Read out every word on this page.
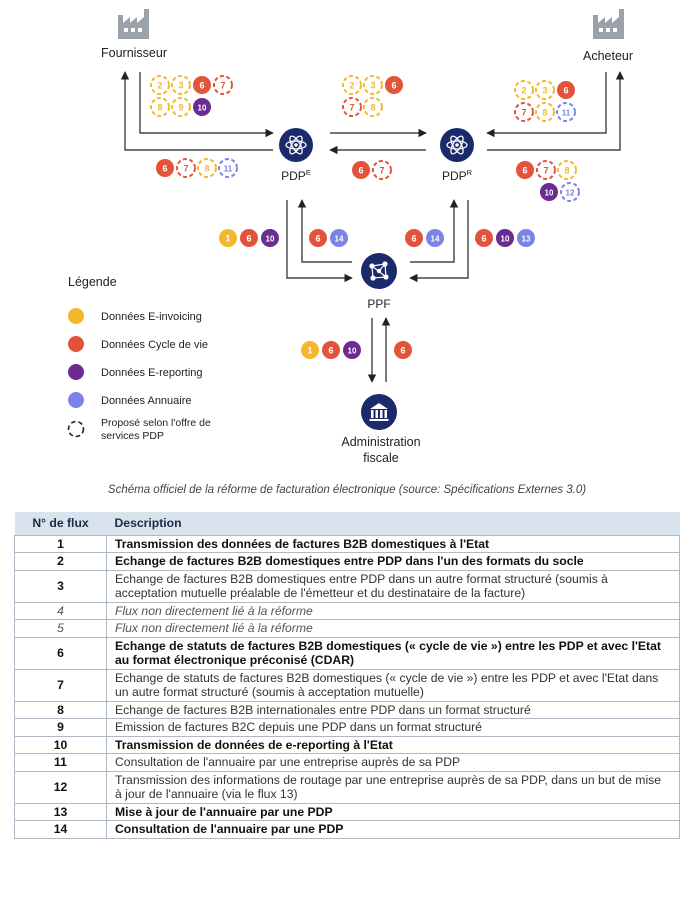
Fournisseur	Acheteur
$PDP^E$	$PDP^R$
PPF
Administration
fiscale
2 3 6 7
8 9 10
6 7 8 11
2 3 6
7 8
6 7
2 3 6
7 8 11
6 7 8
10 12
1 6 10	6 14	6 14	6 10 13
1 6 10	6
Légende
Données E-invoicing
Données Cycle de vie
Données E-reporting
Données Annuaire
Proposé selon l'offre de
services PDP
Schéma officiel de la réforme de facturation électronique (source: Spécifications Externes 3.0)
N° de flux	Description
1	Transmission des données de factures B2B domestiques à l'Etat
2	Echange de factures B2B domestiques entre PDP dans l'un des formats du socle
3	Echange de factures B2B domestiques entre PDP dans un autre format structuré (soumis à acceptation mutuelle préalable de l'émetteur et du destinataire de la facture)
4	Flux non directement lié à la réforme
5	Flux non directement lié à la réforme
6	Echange de statuts de factures B2B domestiques (« cycle de vie ») entre les PDP et avec l'Etat au format électronique préconisé (CDAR)
7	Echange de statuts de factures B2B domestiques (« cycle de vie ») entre les PDP et avec l'Etat dans un autre format structuré (soumis à acceptation mutuelle)
8	Echange de factures B2B internationales entre PDP dans un format structuré
9	Emission de factures B2C depuis une PDP dans un format structuré
10	Transmission de données de e-reporting à l'Etat
11	Consultation de l'annuaire par une entreprise auprès de sa PDP
12	Transmission des informations de routage par une entreprise auprès de sa PDP, dans un but de mise à jour de l'annuaire (via le flux 13)
13	Mise à jour de l'annuaire par une PDP
14	Consultation de l'annuaire par une PDP
